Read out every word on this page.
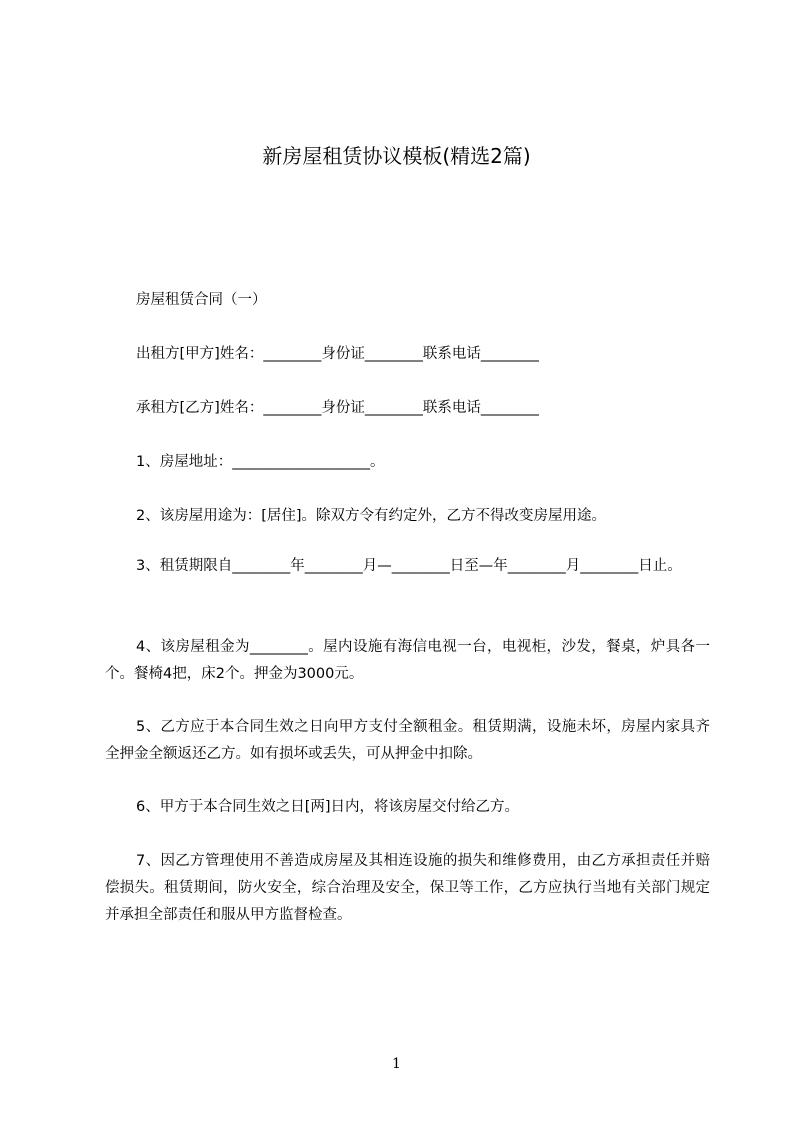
新房屋租赁协议模板(精选2篇)
房屋租赁合同（一）
出租方[甲方]姓名：________身份证________联系电话________
承租方[乙方]姓名：________身份证________联系电话________
1、房屋地址：___________________。
2、该房屋用途为：[居住]。除双方令有约定外，乙方不得改变房屋用途。
3、租赁期限自________年________月—________日至—年________月________日止。
4、该房屋租金为________。屋内设施有海信电视一台，电视柜，沙发，餐桌，炉具各一个。餐椅4把，床2个。押金为3000元。
5、乙方应于本合同生效之日向甲方支付全额租金。租赁期满，设施未坏，房屋内家具齐全押金全额返还乙方。如有损坏或丢失，可从押金中扣除。
6、甲方于本合同生效之日[两]日内，将该房屋交付给乙方。
7、因乙方管理使用不善造成房屋及其相连设施的损失和维修费用，由乙方承担责任并赔偿损失。租赁期间，防火安全，综合治理及安全，保卫等工作，乙方应执行当地有关部门规定并承担全部责任和服从甲方监督检查。
1
